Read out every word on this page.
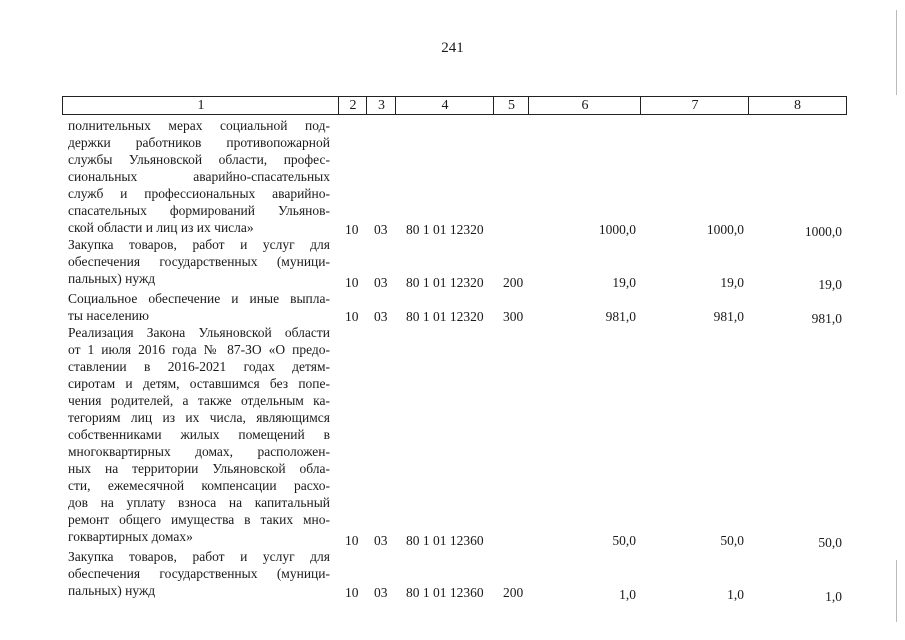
241
1	2	3	4	5	6	7	8
полнительных мерах социальной под-
держки работников противопожарной
службы Ульяновской области, профес-
сиональных аварийно-спасательных
служб и профессиональных аварийно-
спасательных формирований Ульянов-
ской области и лиц из их числа»	10 03 80 1 01 12320	1000,0	1000,0	1000,0
Закупка товаров, работ и услуг для
обеспечения государственных (муници-
пальных) нужд	10 03 80 1 01 12320 200	19,0	19,0	19,0
Социальное обеспечение и иные выпла-
ты населению	10 03 80 1 01 12320 300	981,0	981,0	981,0
Реализация Закона Ульяновской области
от 1 июля 2016 года № 87-ЗО «О предо-
ставлении в 2016-2021 годах детям-
сиротам и детям, оставшимся без попе-
чения родителей, а также отдельным ка-
тегориям лиц из их числа, являющимся
собственниками жилых помещений в
многоквартирных домах, расположен-
ных на территории Ульяновской обла-
сти, ежемесячной компенсации расхо-
дов на уплату взноса на капитальный
ремонт общего имущества в таких мно-
гоквартирных домах»	10 03 80 1 01 12360	50,0	50,0	50,0
Закупка товаров, работ и услуг для
обеспечения государственных (муници-
пальных) нужд	10 03 80 1 01 12360 200	1,0	1,0	1,0
